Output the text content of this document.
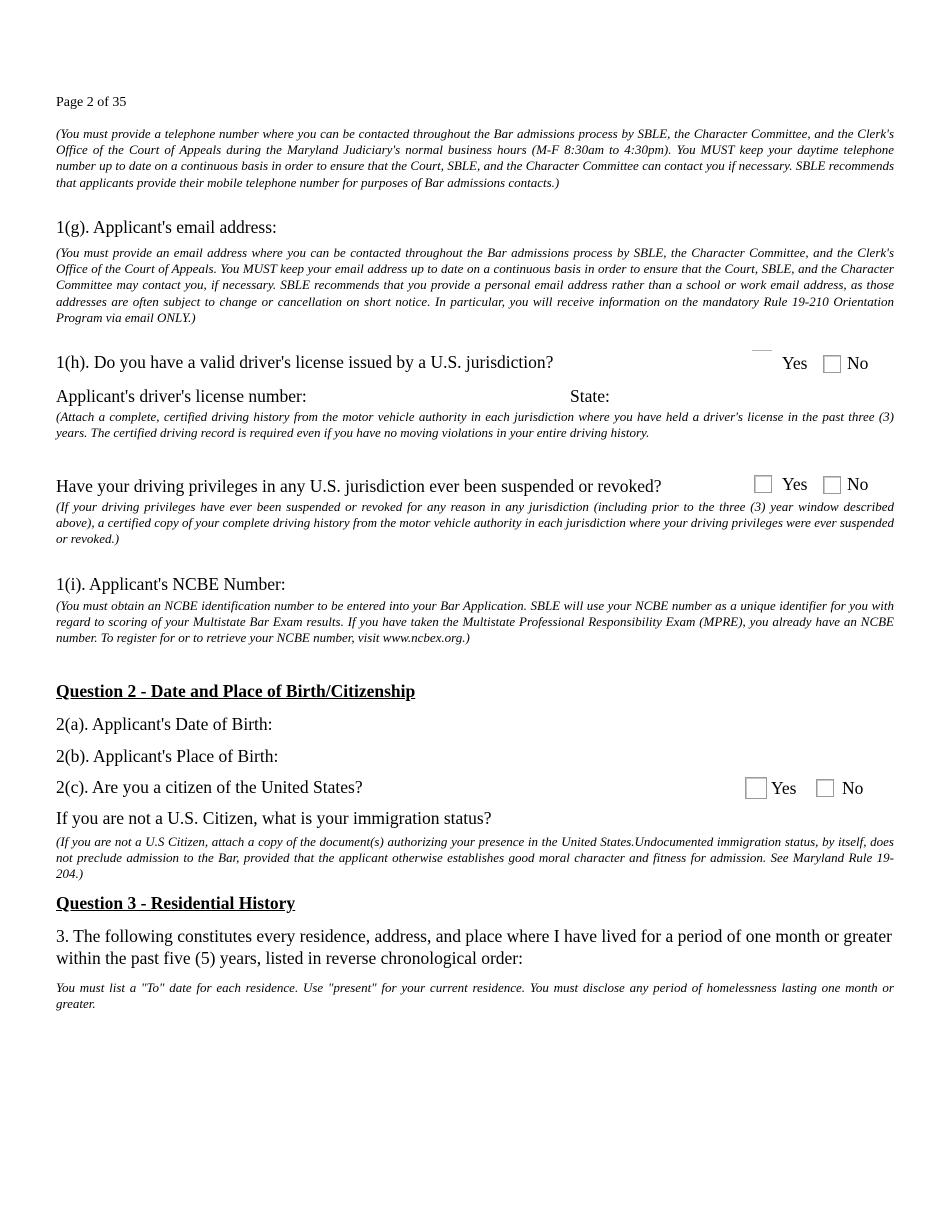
Page 2 of 35
(You must provide a telephone number where you can be contacted throughout the Bar admissions process by SBLE, the Character Committee, and the Clerk's Office of the Court of Appeals during the Maryland Judiciary's normal business hours (M-F 8:30am to 4:30pm). You MUST keep your daytime telephone number up to date on a continuous basis in order to ensure that the Court, SBLE, and the Character Committee can contact you if necessary. SBLE recommends that applicants provide their mobile telephone number for purposes of Bar admissions contacts.)
1(g). Applicant's email address:
(You must provide an email address where you can be contacted throughout the Bar admissions process by SBLE, the Character Committee, and the Clerk's Office of the Court of Appeals. You MUST keep your email address up to date on a continuous basis in order to ensure that the Court, SBLE, and the Character Committee may contact you, if necessary. SBLE recommends that you provide a personal email address rather than a school or work email address, as those addresses are often subject to change or cancellation on short notice. In particular, you will receive information on the mandatory Rule 19-210 Orientation Program via email ONLY.)
1(h). Do you have a valid driver's license issued by a U.S. jurisdiction?	Yes No
Applicant's driver's license number:	State:
(Attach a complete, certified driving history from the motor vehicle authority in each jurisdiction where you have held a driver's license in the past three (3) years. The certified driving record is required even if you have no moving violations in your entire driving history.
Have your driving privileges in any U.S. jurisdiction ever been suspended or revoked?	Yes No
(If your driving privileges have ever been suspended or revoked for any reason in any jurisdiction (including prior to the three (3) year window described above), a certified copy of your complete driving history from the motor vehicle authority in each jurisdiction where your driving privileges were ever suspended or revoked.)
1(i). Applicant's NCBE Number:
(You must obtain an NCBE identification number to be entered into your Bar Application. SBLE will use your NCBE number as a unique identifier for you with regard to scoring of your Multistate Bar Exam results. If you have taken the Multistate Professional Responsibility Exam (MPRE), you already have an NCBE number. To register for or to retrieve your NCBE number, visit www.ncbex.org.)
Question 2 - Date and Place of Birth/Citizenship
2(a). Applicant's Date of Birth:
2(b). Applicant's Place of Birth:
2(c). Are you a citizen of the United States?	Yes	No
If you are not a U.S. Citizen, what is your immigration status?
(If you are not a U.S Citizen, attach a copy of the document(s) authorizing your presence in the United States.Undocumented immigration status, by itself, does not preclude admission to the Bar, provided that the applicant otherwise establishes good moral character and fitness for admission. See Maryland Rule 19-204.)
Question 3 - Residential History
3. The following constitutes every residence, address, and place where I have lived for a period of one month or greater within the past five (5) years, listed in reverse chronological order:
You must list a "To" date for each residence. Use "present" for your current residence. You must disclose any period of homelessness lasting one month or greater.
